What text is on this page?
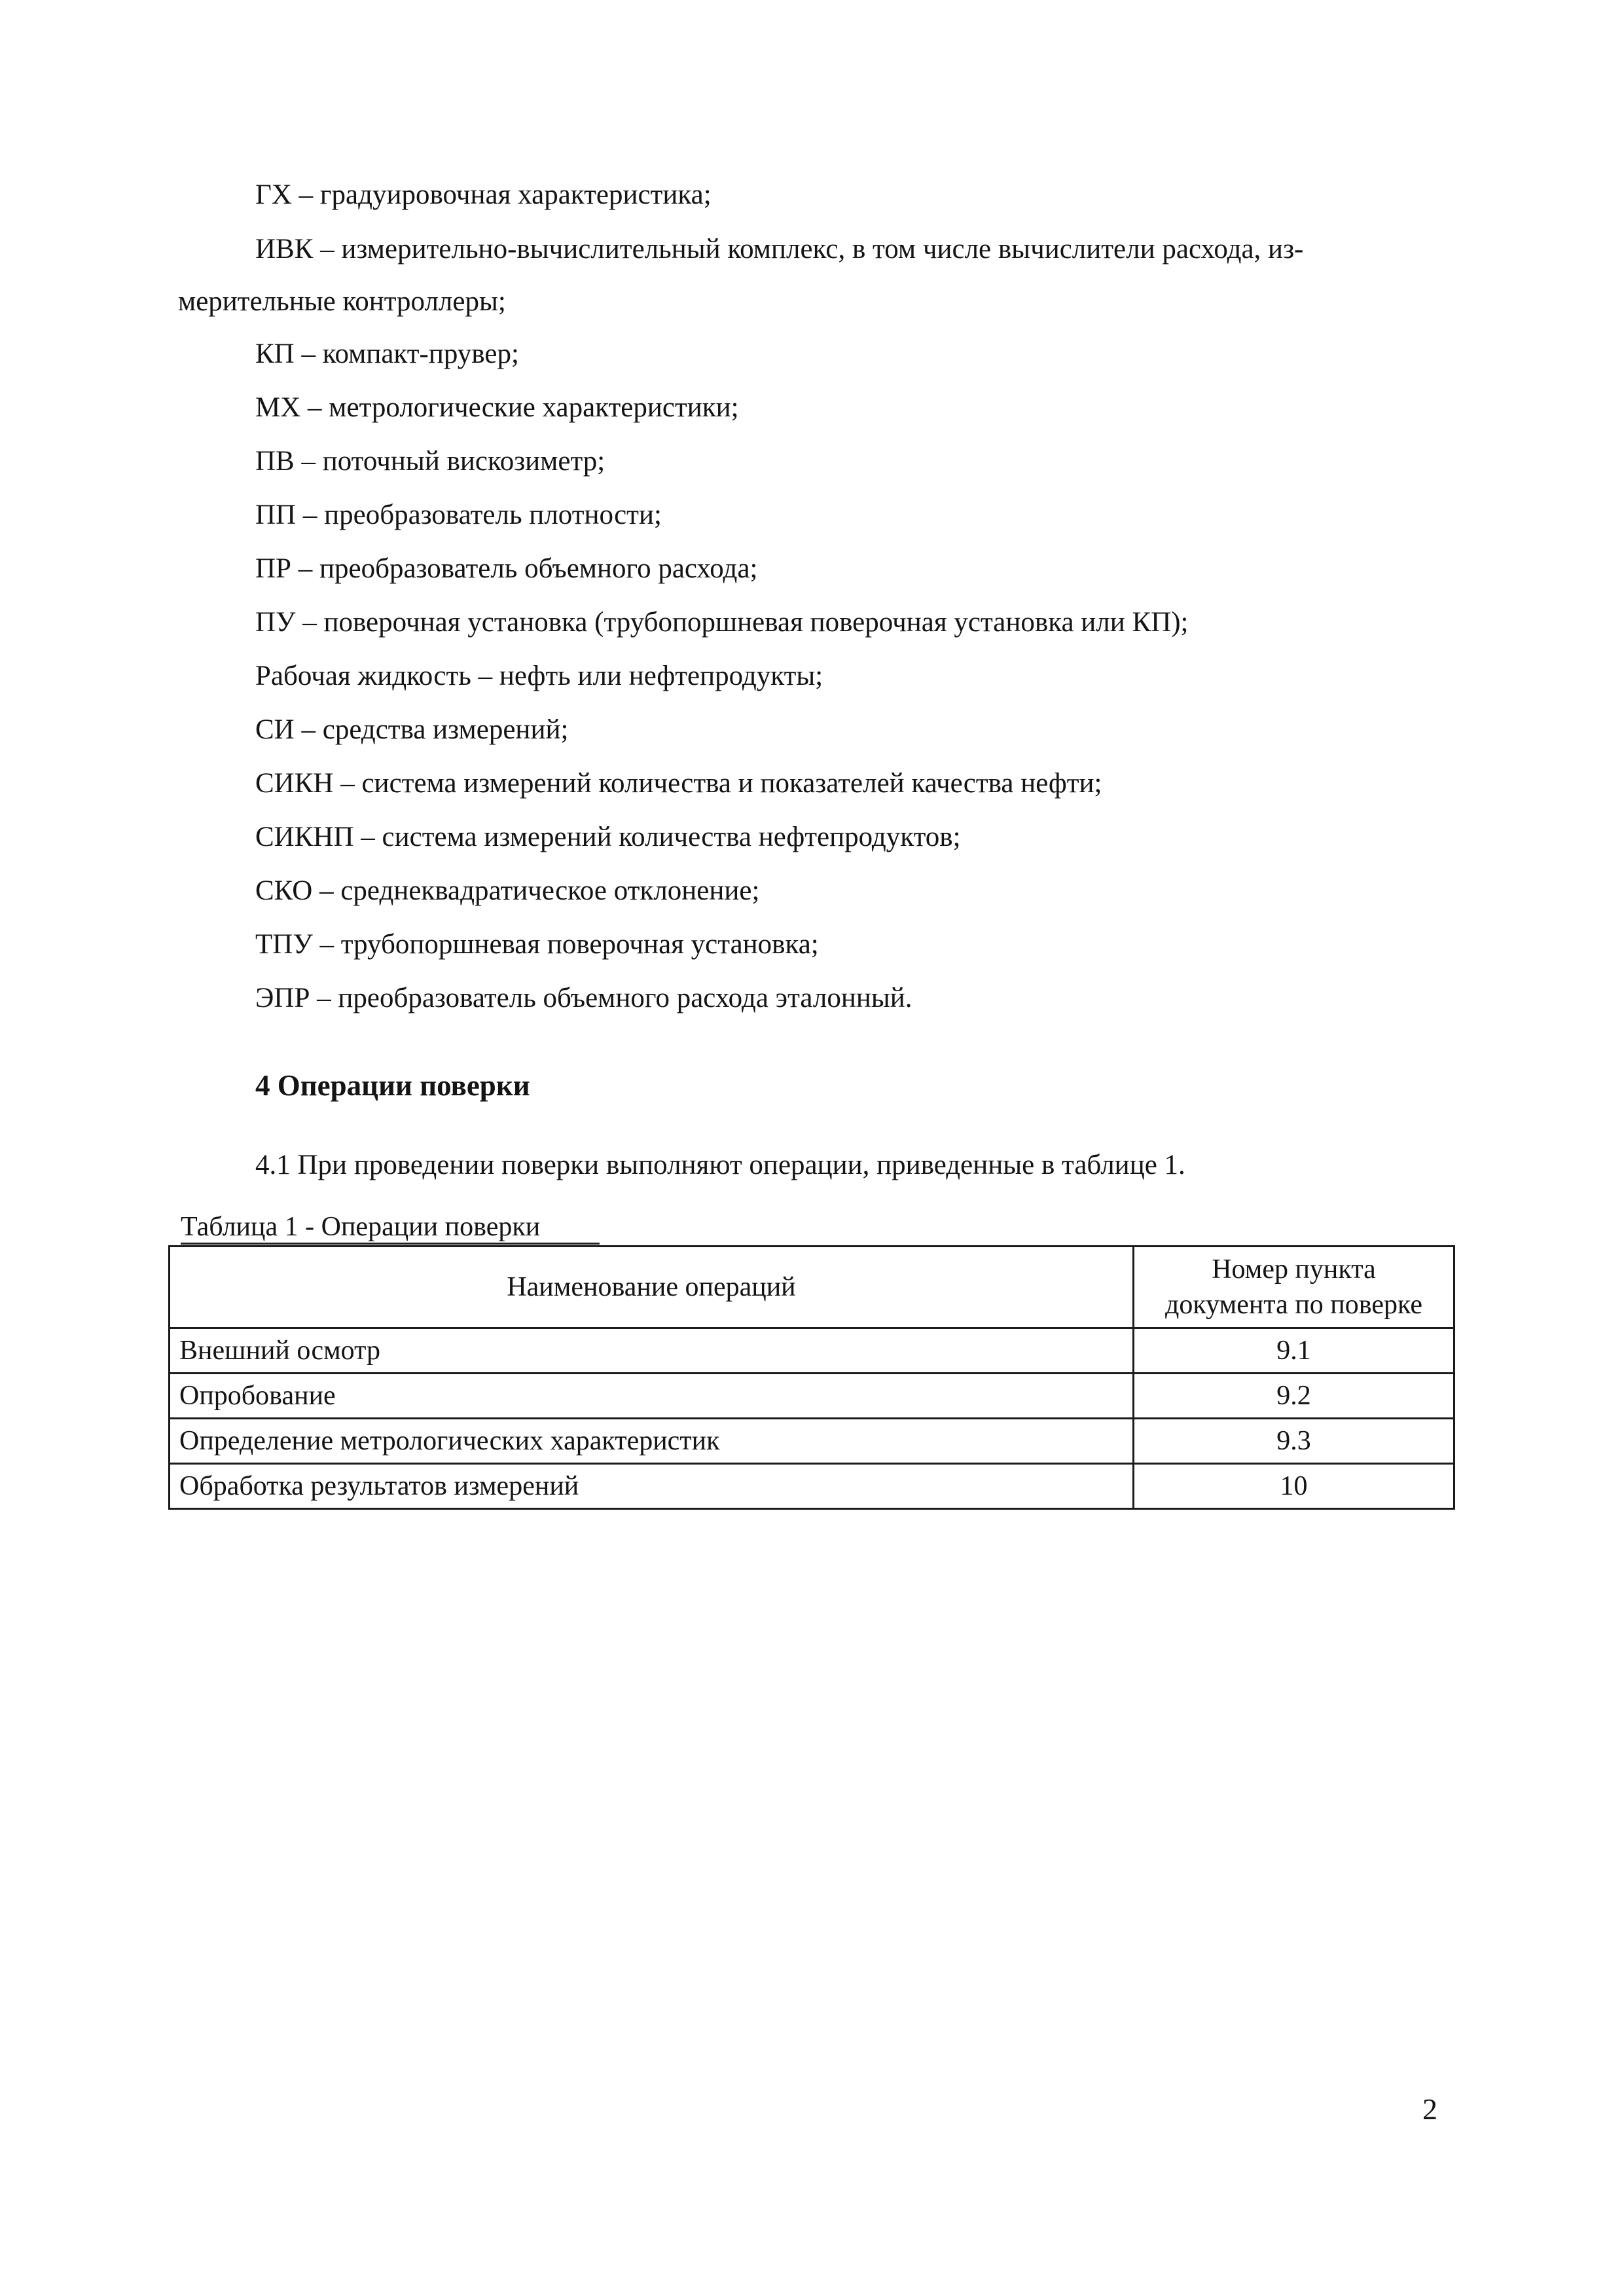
ГХ – градуировочная характеристика;

ИВК – измерительно-вычислительный комплекс, в том числе вычислители расхода, из-

мерительные контроллеры;

КП – компакт-прувер;

МХ – метрологические характеристики;

ПВ – поточный вискозиметр;

ПП – преобразователь плотности;

ПР – преобразователь объемного расхода;

ПУ – поверочная установка (трубопоршневая поверочная установка или КП);

Рабочая жидкость – нефть или нефтепродукты;

СИ – средства измерений;

СИКН – система измерений количества и показателей качества нефти;

СИКНП – система измерений количества нефтепродуктов;

СКО – среднеквадратическое отклонение;

ТПУ – трубопоршневая поверочная установка;

ЭПР – преобразователь объемного расхода эталонный.

4 Операции поверки

4.1 При проведении поверки выполняют операции, приведенные в таблице 1.

Таблица 1 - Операции поверки

Наименование операций	Номер пункта
документа по поверке
Внешний осмотр	9.1
Опробование	9.2
Определение метрологических характеристик	9.3
Обработка результатов измерений	10

2
